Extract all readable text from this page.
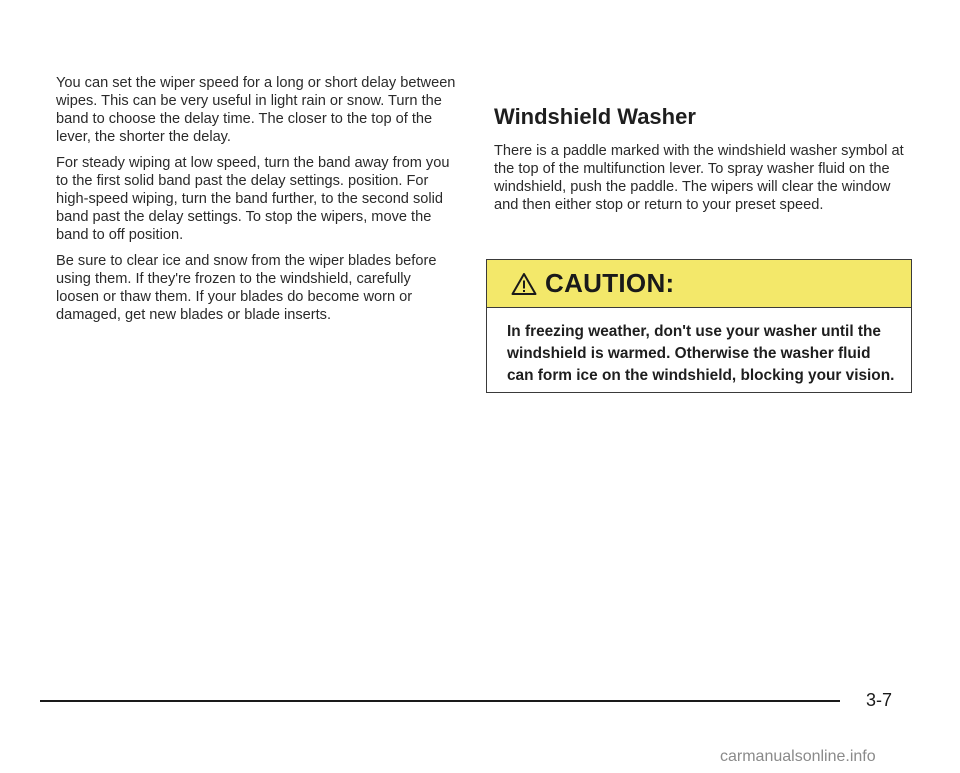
You can set the wiper speed for a long or short delay between wipes. This can be very useful in light rain or snow. Turn the band to choose the delay time. The closer to the top of the lever, the shorter the delay.

For steady wiping at low speed, turn the band away from you to the first solid band past the delay settings. position. For high-speed wiping, turn the band further, to the second solid band past the delay settings. To stop the wipers, move the band to off position.

Be sure to clear ice and snow from the wiper blades before using them. If they're frozen to the windshield, carefully loosen or thaw them. If your blades do become worn or damaged, get new blades or blade inserts.

Windshield Washer

There is a paddle marked with the windshield washer symbol at the top of the multifunction lever. To spray washer fluid on the windshield, push the paddle. The wipers will clear the window and then either stop or return to your preset speed.

CAUTION:
In freezing weather, don't use your washer until the windshield is warmed. Otherwise the washer fluid can form ice on the windshield, blocking your vision.
3-7
carmanualsonline.info
